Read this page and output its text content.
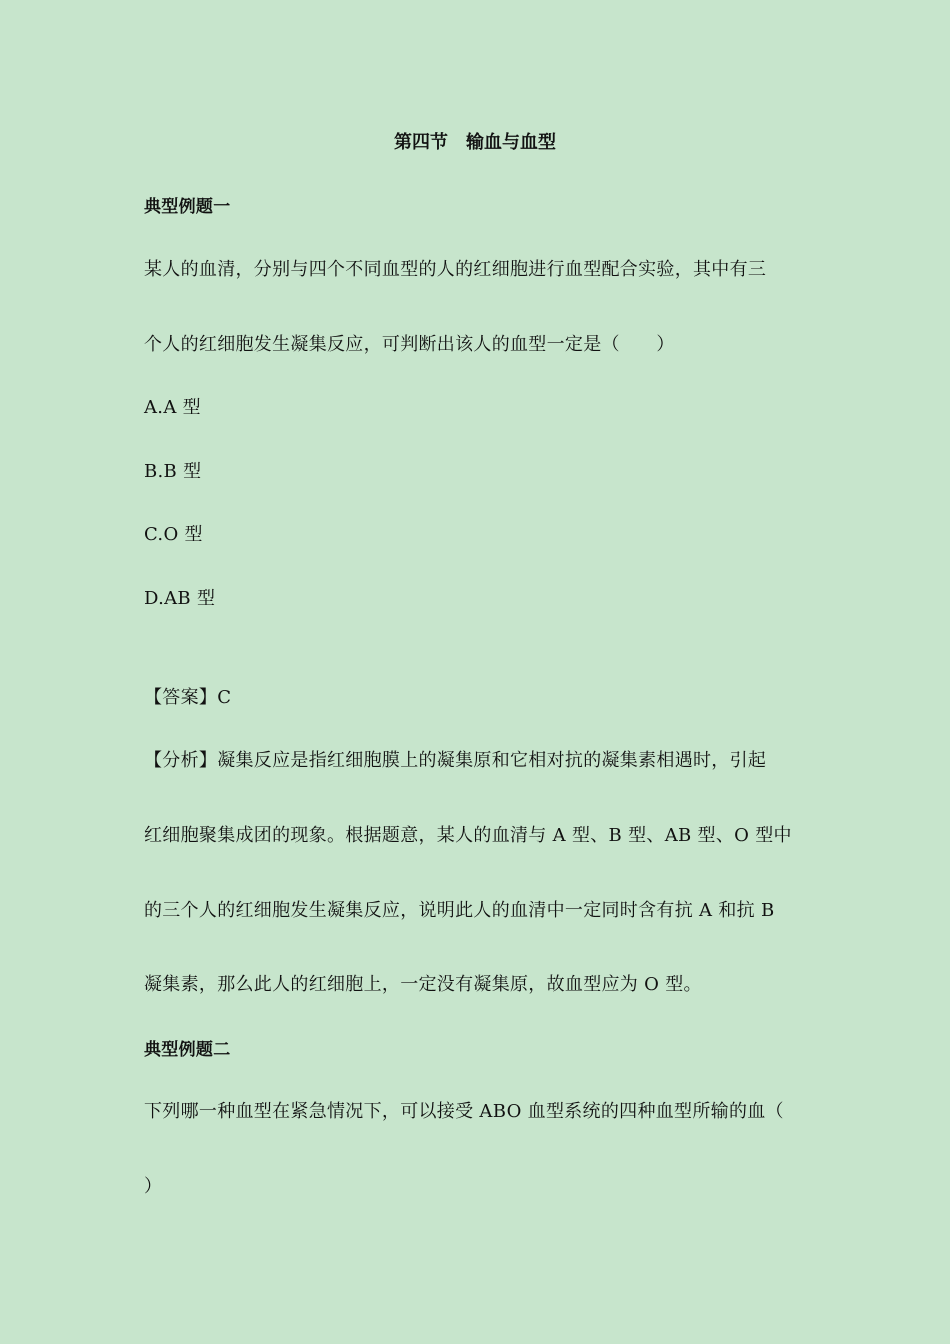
第四节　输血与血型
典型例题一
某人的血清，分别与四个不同血型的人的红细胞进行血型配合实验，其中有三
个人的红细胞发生凝集反应，可判断出该人的血型一定是（　　）
A.A 型
B.B 型
C.O 型
D.AB 型
【答案】C
【分析】凝集反应是指红细胞膜上的凝集原和它相对抗的凝集素相遇时，引起
红细胞聚集成团的现象。根据题意，某人的血清与 A 型、B 型、AB 型、O 型中
的三个人的红细胞发生凝集反应，说明此人的血清中一定同时含有抗 A 和抗 B
凝集素，那么此人的红细胞上，一定没有凝集原，故血型应为 O 型。
典型例题二
下列哪一种血型在紧急情况下，可以接受 ABO 血型系统的四种血型所输的血（
）
